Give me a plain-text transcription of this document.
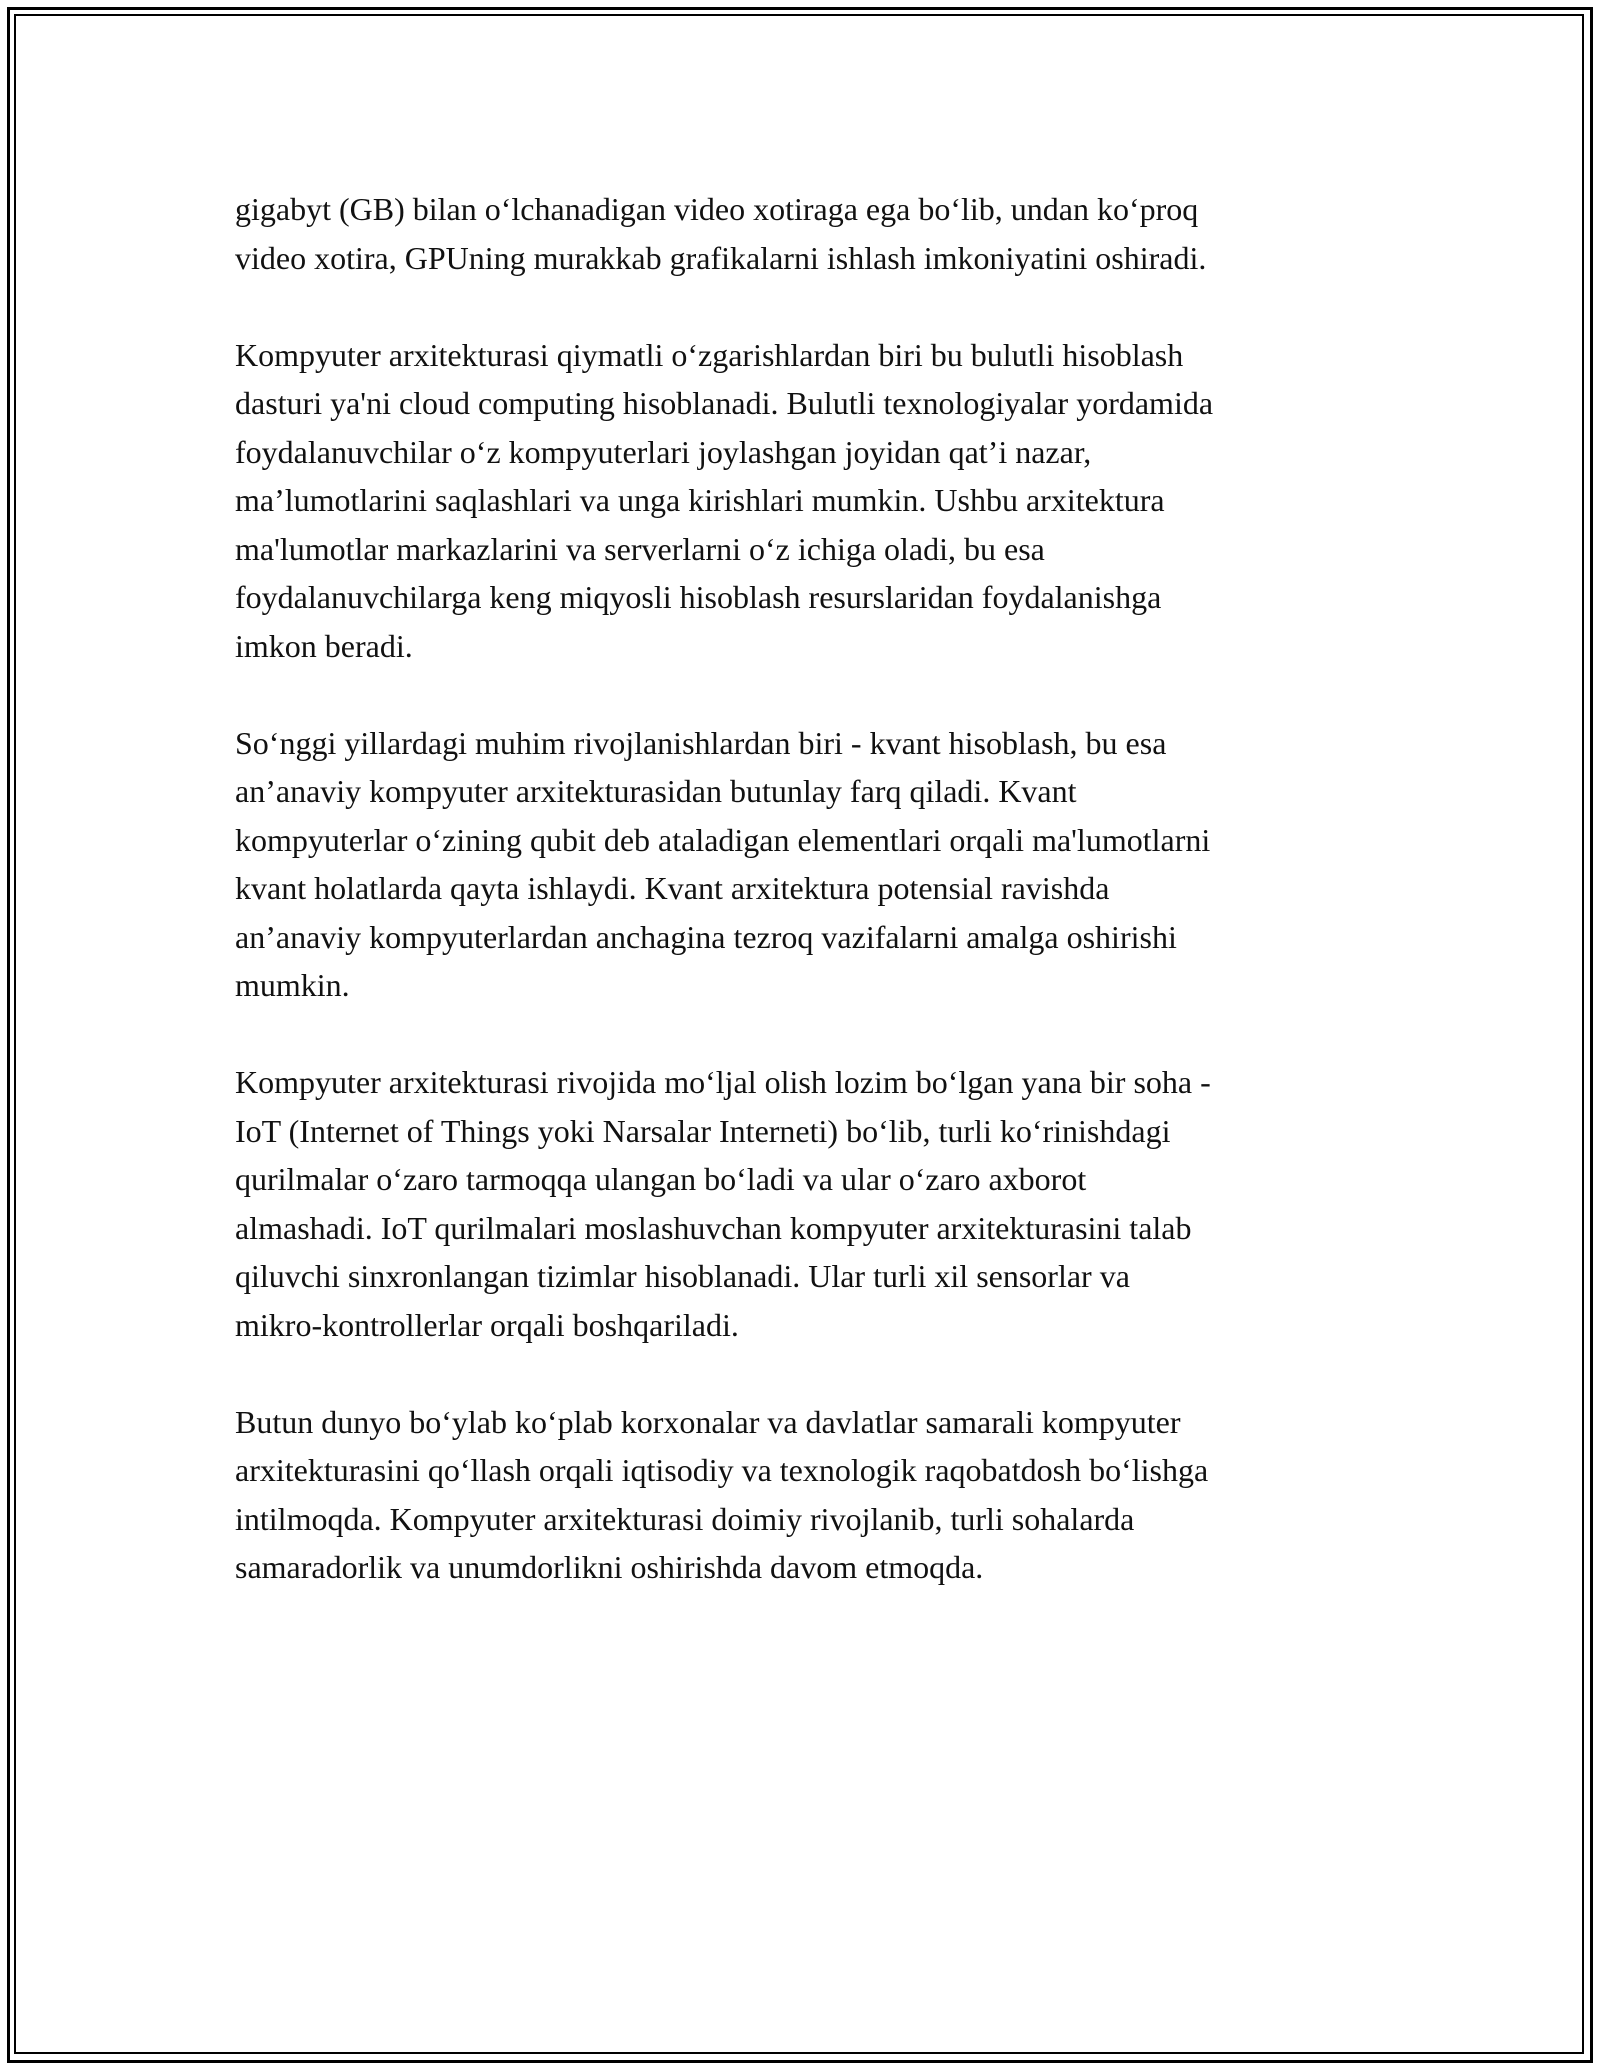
gigabyt (GB) bilan o‘lchanadigan video xotiraga ega bo‘lib, undan ko‘proq
video xotira, GPUning murakkab grafikalarni ishlash imkoniyatini oshiradi.

Kompyuter arxitekturasi qiymatli o‘zgarishlardan biri bu bulutli hisoblash
dasturi ya'ni cloud computing hisoblanadi. Bulutli texnologiyalar yordamida
foydalanuvchilar o‘z kompyuterlari joylashgan joyidan qat’i nazar,
ma’lumotlarini saqlashlari va unga kirishlari mumkin. Ushbu arxitektura
ma'lumotlar markazlarini va serverlarni o‘z ichiga oladi, bu esa
foydalanuvchilarga keng miqyosli hisoblash resurslaridan foydalanishga
imkon beradi.

So‘nggi yillardagi muhim rivojlanishlardan biri - kvant hisoblash, bu esa
an’anaviy kompyuter arxitekturasidan butunlay farq qiladi. Kvant
kompyuterlar o‘zining qubit deb ataladigan elementlari orqali ma'lumotlarni
kvant holatlarda qayta ishlaydi. Kvant arxitektura potensial ravishda
an’anaviy kompyuterlardan anchagina tezroq vazifalarni amalga oshirishi
mumkin.

Kompyuter arxitekturasi rivojida mo‘ljal olish lozim bo‘lgan yana bir soha -
IoT (Internet of Things yoki Narsalar Interneti) bo‘lib, turli ko‘rinishdagi
qurilmalar o‘zaro tarmoqqa ulangan bo‘ladi va ular o‘zaro axborot
almashadi. IoT qurilmalari moslashuvchan kompyuter arxitekturasini talab
qiluvchi sinxronlangan tizimlar hisoblanadi. Ular turli xil sensorlar va
mikro-kontrollerlar orqali boshqariladi.

Butun dunyo bo‘ylab ko‘plab korxonalar va davlatlar samarali kompyuter
arxitekturasini qo‘llash orqali iqtisodiy va texnologik raqobatdosh bo‘lishga
intilmoqda. Kompyuter arxitekturasi doimiy rivojlanib, turli sohalarda
samaradorlik va unumdorlikni oshirishda davom etmoqda.
